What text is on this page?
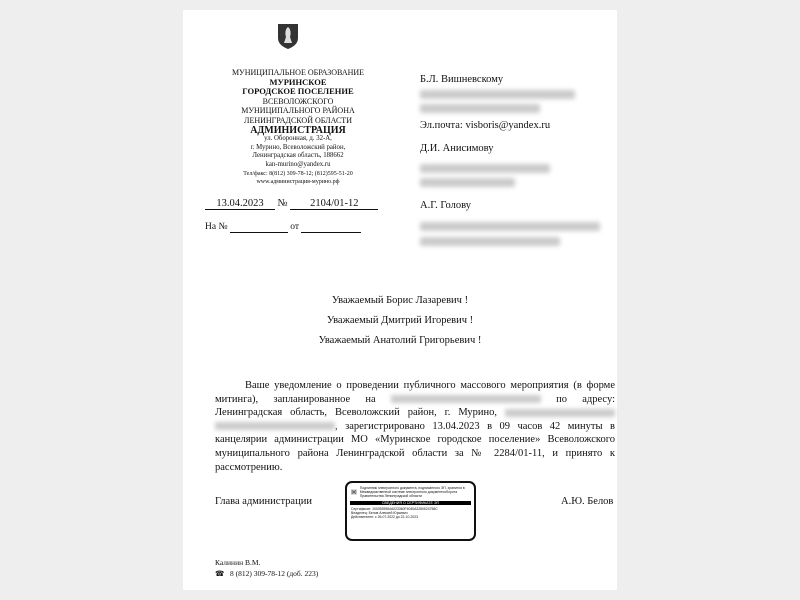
МУНИЦИПАЛЬНОЕ ОБРАЗОВАНИЕ
МУРИНСКОЕ
ГОРОДСКОЕ ПОСЕЛЕНИЕ
ВСЕВОЛОЖСКОГО
МУНИЦИПАЛЬНОГО РАЙОНА
ЛЕНИНГРАДСКОЙ ОБЛАСТИ
АДМИНИСТРАЦИЯ
ул. Оборонная, д. 32-А,
г. Мурино, Всеволожский район,
Ленинградская область, 188662
kan-murino@yandex.ru
Тел/факс: 8(812) 309-78-12; (812)595-51-20
www.администрация-мурино.рф
13.04.2023 № 2104/01-12
На №	от
Б.Л. Вишневскому
Эл.почта: visboris@yandex.ru
Д.И. Анисимову
А.Г. Голову
Уважаемый Борис Лазаревич !
Уважаемый Дмитрий Игоревич !
Уважаемый Анатолий Григорьевич !
Ваше уведомление о проведении публичного массового мероприятия (в форме митинга), запланированное на	по адресу: Ленинградская область, Всеволожский район, г. Мурино,  , зарегистрировано 13.04.2023 в 09 часов 42 минуты в канцелярии администрации МО «Муринское городское поселение» Всеволожского муниципального района Ленинградской области за № 2284/01-11, и принято к рассмотрению.
Глава администрации
Подлинник электронного документа, подписанного ЭП, хранится в Межведомственной системе электронного документооборота Правительства Ленинградской области
СВЕДЕНИЯ О СЕРТИФИКАТЕ ЭП
Сертификат: 1000539984A023360F4040A2280524758C
Владелец: Белов Алексей Юрьевич
Действителен: с 26-07-2022 до 22-10-2023
А.Ю. Белов
Калинин В.М.
☎ 8 (812) 309-78-12 (доб. 223)
